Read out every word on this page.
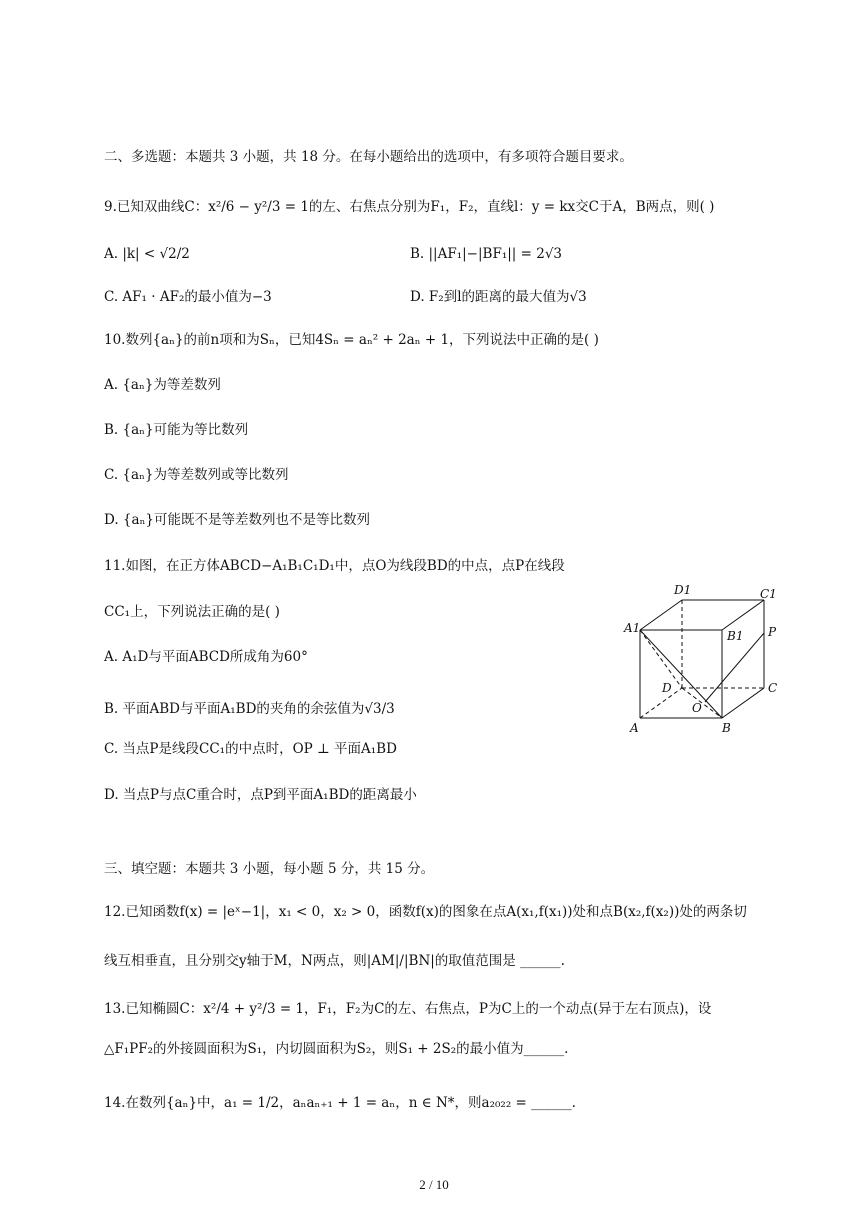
二、多选题：本题共 3 小题，共 18 分。在每小题给出的选项中，有多项符合题目要求。
9.已知双曲线C：x²/6 − y²/3 = 1的左、右焦点分别为F₁，F₂，直线l：y = kx交C于A，B两点，则( )
A. |k| < √2/2	B. ||AF₁|−|BF₁|| = 2√3
C. AF₁ · AF₂的最小值为−3	D. F₂到l的距离的最大值为√3
10.数列{aₙ}的前n项和为Sₙ，已知4Sₙ = aₙ² + 2aₙ + 1，下列说法中正确的是( )
A. {aₙ}为等差数列
B. {aₙ}可能为等比数列
C. {aₙ}为等差数列或等比数列
D. {aₙ}可能既不是等差数列也不是等比数列
11.如图，在正方体ABCD−A₁B₁C₁D₁中，点O为线段BD的中点，点P在线段
CC₁上，下列说法正确的是( )
A. A₁D与平面ABCD所成角为60°
B. 平面ABD与平面A₁BD的夹角的余弦值为√3/3
C. 当点P是线段CC₁的中点时，OP ⊥ 平面A₁BD
D. 当点P与点C重合时，点P到平面A₁BD的距离最小
D1	C1
A1
B1 P
D	C
O
A	B
三、填空题：本题共 3 小题，每小题 5 分，共 15 分。
12.已知函数f(x) = |eˣ−1|，x₁ < 0，x₂ > 0，函数f(x)的图象在点A(x₁,f(x₁))处和点B(x₂,f(x₂))处的两条切
线互相垂直，且分别交y轴于M，N两点，则|AM|/|BN|的取值范围是 ______.
13.已知椭圆C：x²/4 + y²/3 = 1，F₁，F₂为C的左、右焦点，P为C上的一个动点(异于左右顶点)，设
△F₁PF₂的外接圆面积为S₁，内切圆面积为S₂，则S₁ + 2S₂的最小值为______.
14.在数列{aₙ}中，a₁ = 1/2，aₙaₙ₊₁ + 1 = aₙ，n ∈ N*，则a₂₀₂₂ = ______.
2 / 10
